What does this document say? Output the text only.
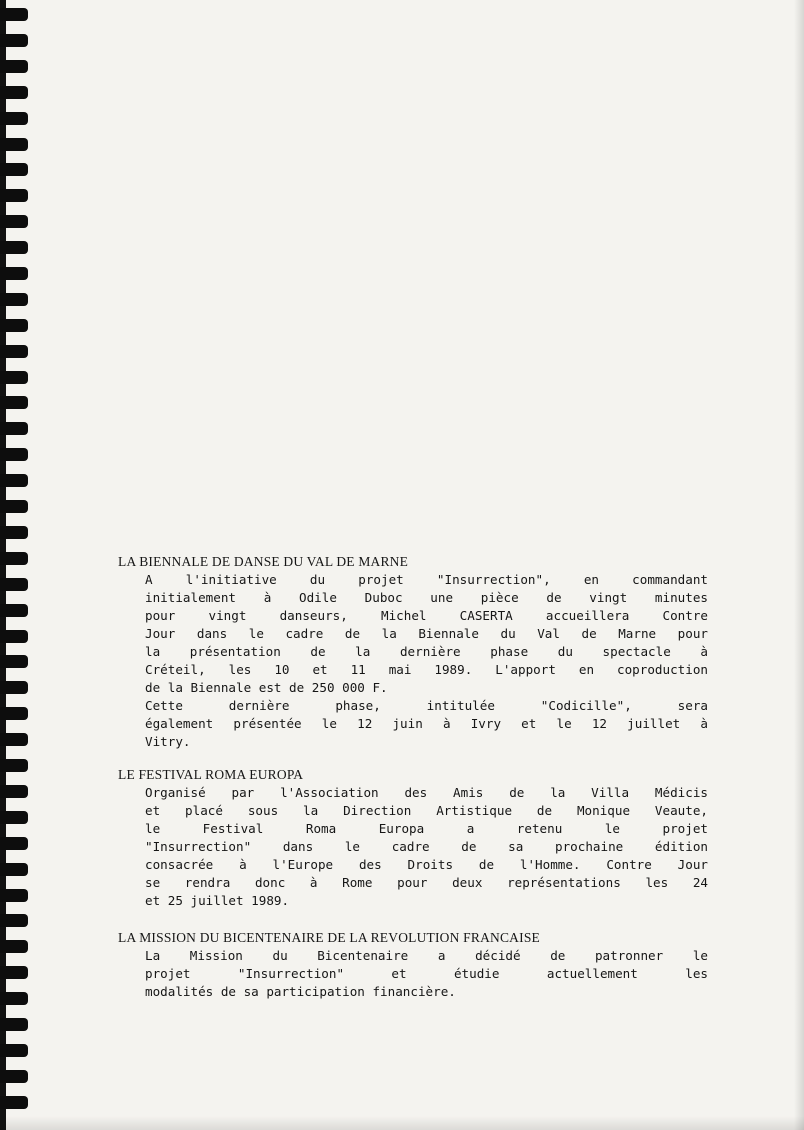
LA BIENNALE DE DANSE DU VAL DE MARNE

A l'initiative du projet "Insurrection", en commandant
initialement à Odile Duboc une pièce de vingt minutes
pour vingt danseurs, Michel CASERTA accueillera Contre
Jour dans le cadre de la Biennale du Val de Marne pour
la présentation de la dernière phase du spectacle à
Créteil, les 10 et 11 mai 1989. L'apport en coproduction
de la Biennale est de 250 000 F.
Cette dernière phase, intitulée "Codicille", sera
également présentée le 12 juin à Ivry et le 12 juillet à
Vitry.

LE FESTIVAL ROMA EUROPA

Organisé par l'Association des Amis de la Villa Médicis
et placé sous la Direction Artistique de Monique Veaute,
le Festival Roma Europa a retenu le projet
"Insurrection" dans le cadre de sa prochaine édition
consacrée à l'Europe des Droits de l'Homme. Contre Jour
se rendra donc à Rome pour deux représentations les 24
et 25 juillet 1989.

LA MISSION DU BICENTENAIRE DE LA REVOLUTION FRANCAISE

La Mission du Bicentenaire a décidé de patronner le
projet "Insurrection" et étudie actuellement les
modalités de sa participation financière.
